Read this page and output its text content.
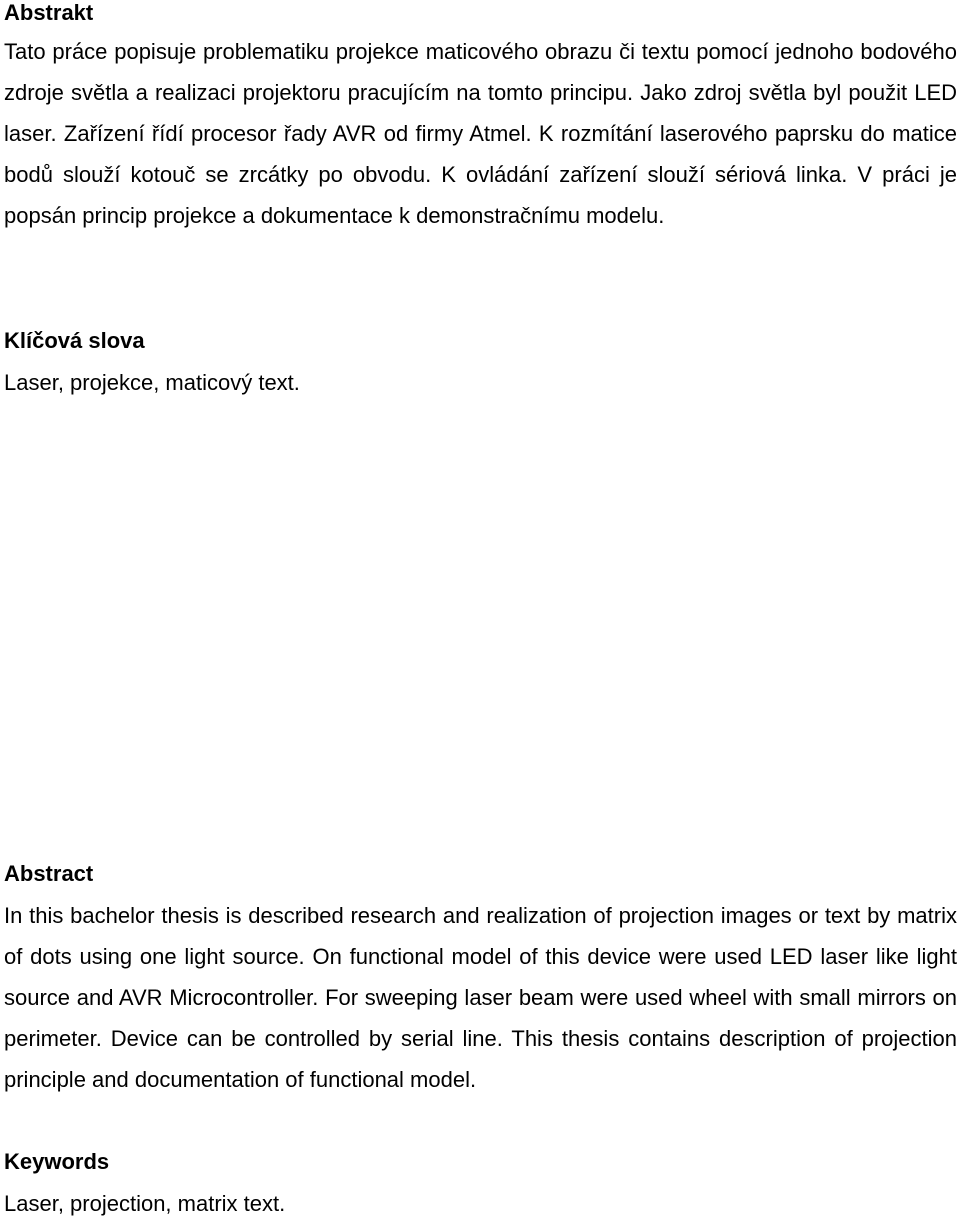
Abstrakt

Tato práce popisuje problematiku projekce maticového obrazu či textu pomocí jednoho bodového zdroje světla a realizaci projektoru pracujícím na tomto principu. Jako zdroj světla byl použit LED laser. Zařízení řídí procesor řady AVR od firmy Atmel. K rozmítání laserového paprsku do matice bodů slouží kotouč se zrcátky po obvodu. K ovládání zařízení slouží sériová linka. V práci je popsán princip projekce a dokumentace k demonstračnímu modelu.

Klíčová slova

Laser, projekce, maticový text.

Abstract

In this bachelor thesis is described research and realization of projection images or text by matrix of dots using one light source. On functional model of this device were used LED laser like light source and AVR Microcontroller. For sweeping laser beam were used wheel with small mirrors on perimeter. Device can be controlled by serial line. This thesis contains description of projection principle and documentation of functional model.

Keywords

Laser, projection, matrix text.
